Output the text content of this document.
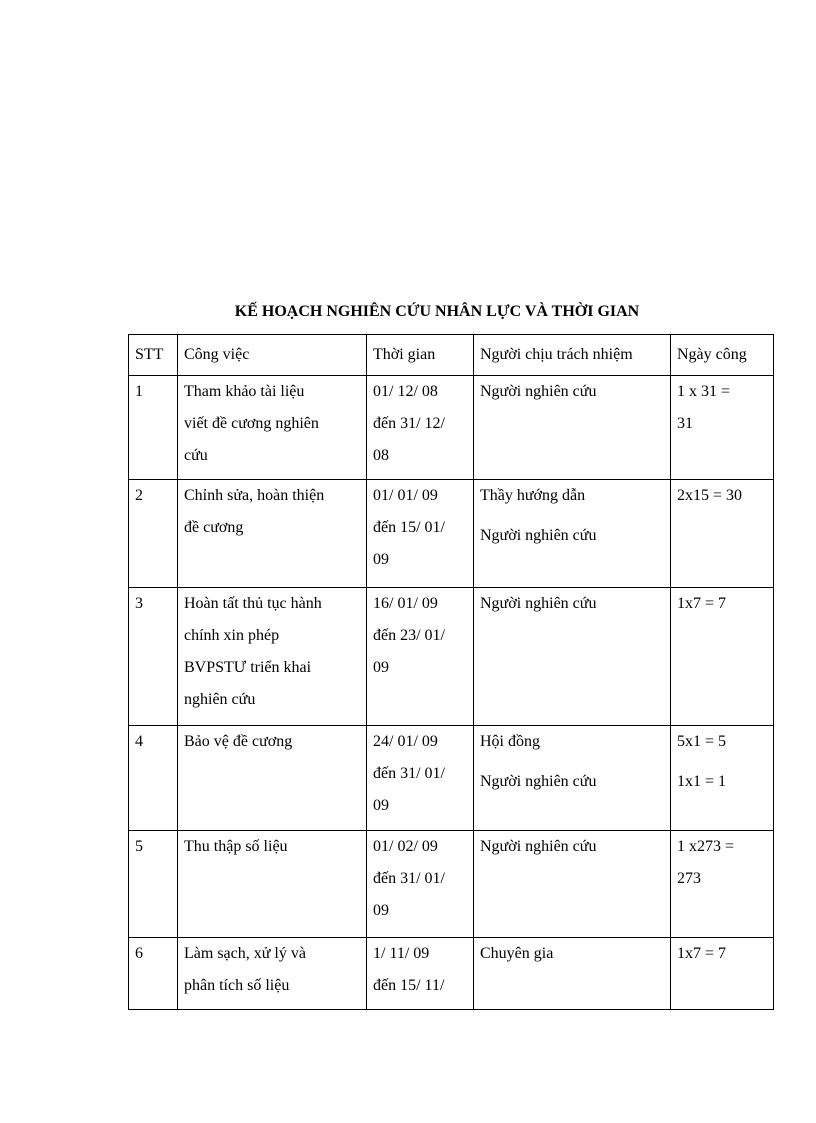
KẾ HOẠCH NGHIÊN CỨU NHÂN LỰC VÀ THỜI GIAN
STT	Công việc	Thời gian	Người chịu trách nhiệm	Ngày công

1	Tham khảo tài liệu
viết đề cương nghiên
cứu	01/ 12/ 08
đến 31/ 12/
08	Người nghiên cứu	1 x 31 =
31

2	Chỉnh sửa, hoàn thiện
đề cương	01/ 01/ 09
đến 15/ 01/
09	Thầy hướng dẫn
Người nghiên cứu	2x15 = 30

3	Hoàn tất thủ tục hành
chính xin phép
BVPSTƯ triển khai
nghiên cứu	16/ 01/ 09
đến 23/ 01/
09	Người nghiên cứu	1x7 = 7

4	Bảo vệ đề cương	24/ 01/ 09
đến 31/ 01/
09	Hội đồng
Người nghiên cứu	5x1 = 5
1x1 = 1

5	Thu thập số liệu	01/ 02/ 09
đến 31/ 01/
09	Người nghiên cứu	1 x273 =
273

6	Làm sạch, xử lý và
phân tích số liệu	1/ 11/ 09
đến 15/ 11/	Chuyên gia	1x7 = 7
